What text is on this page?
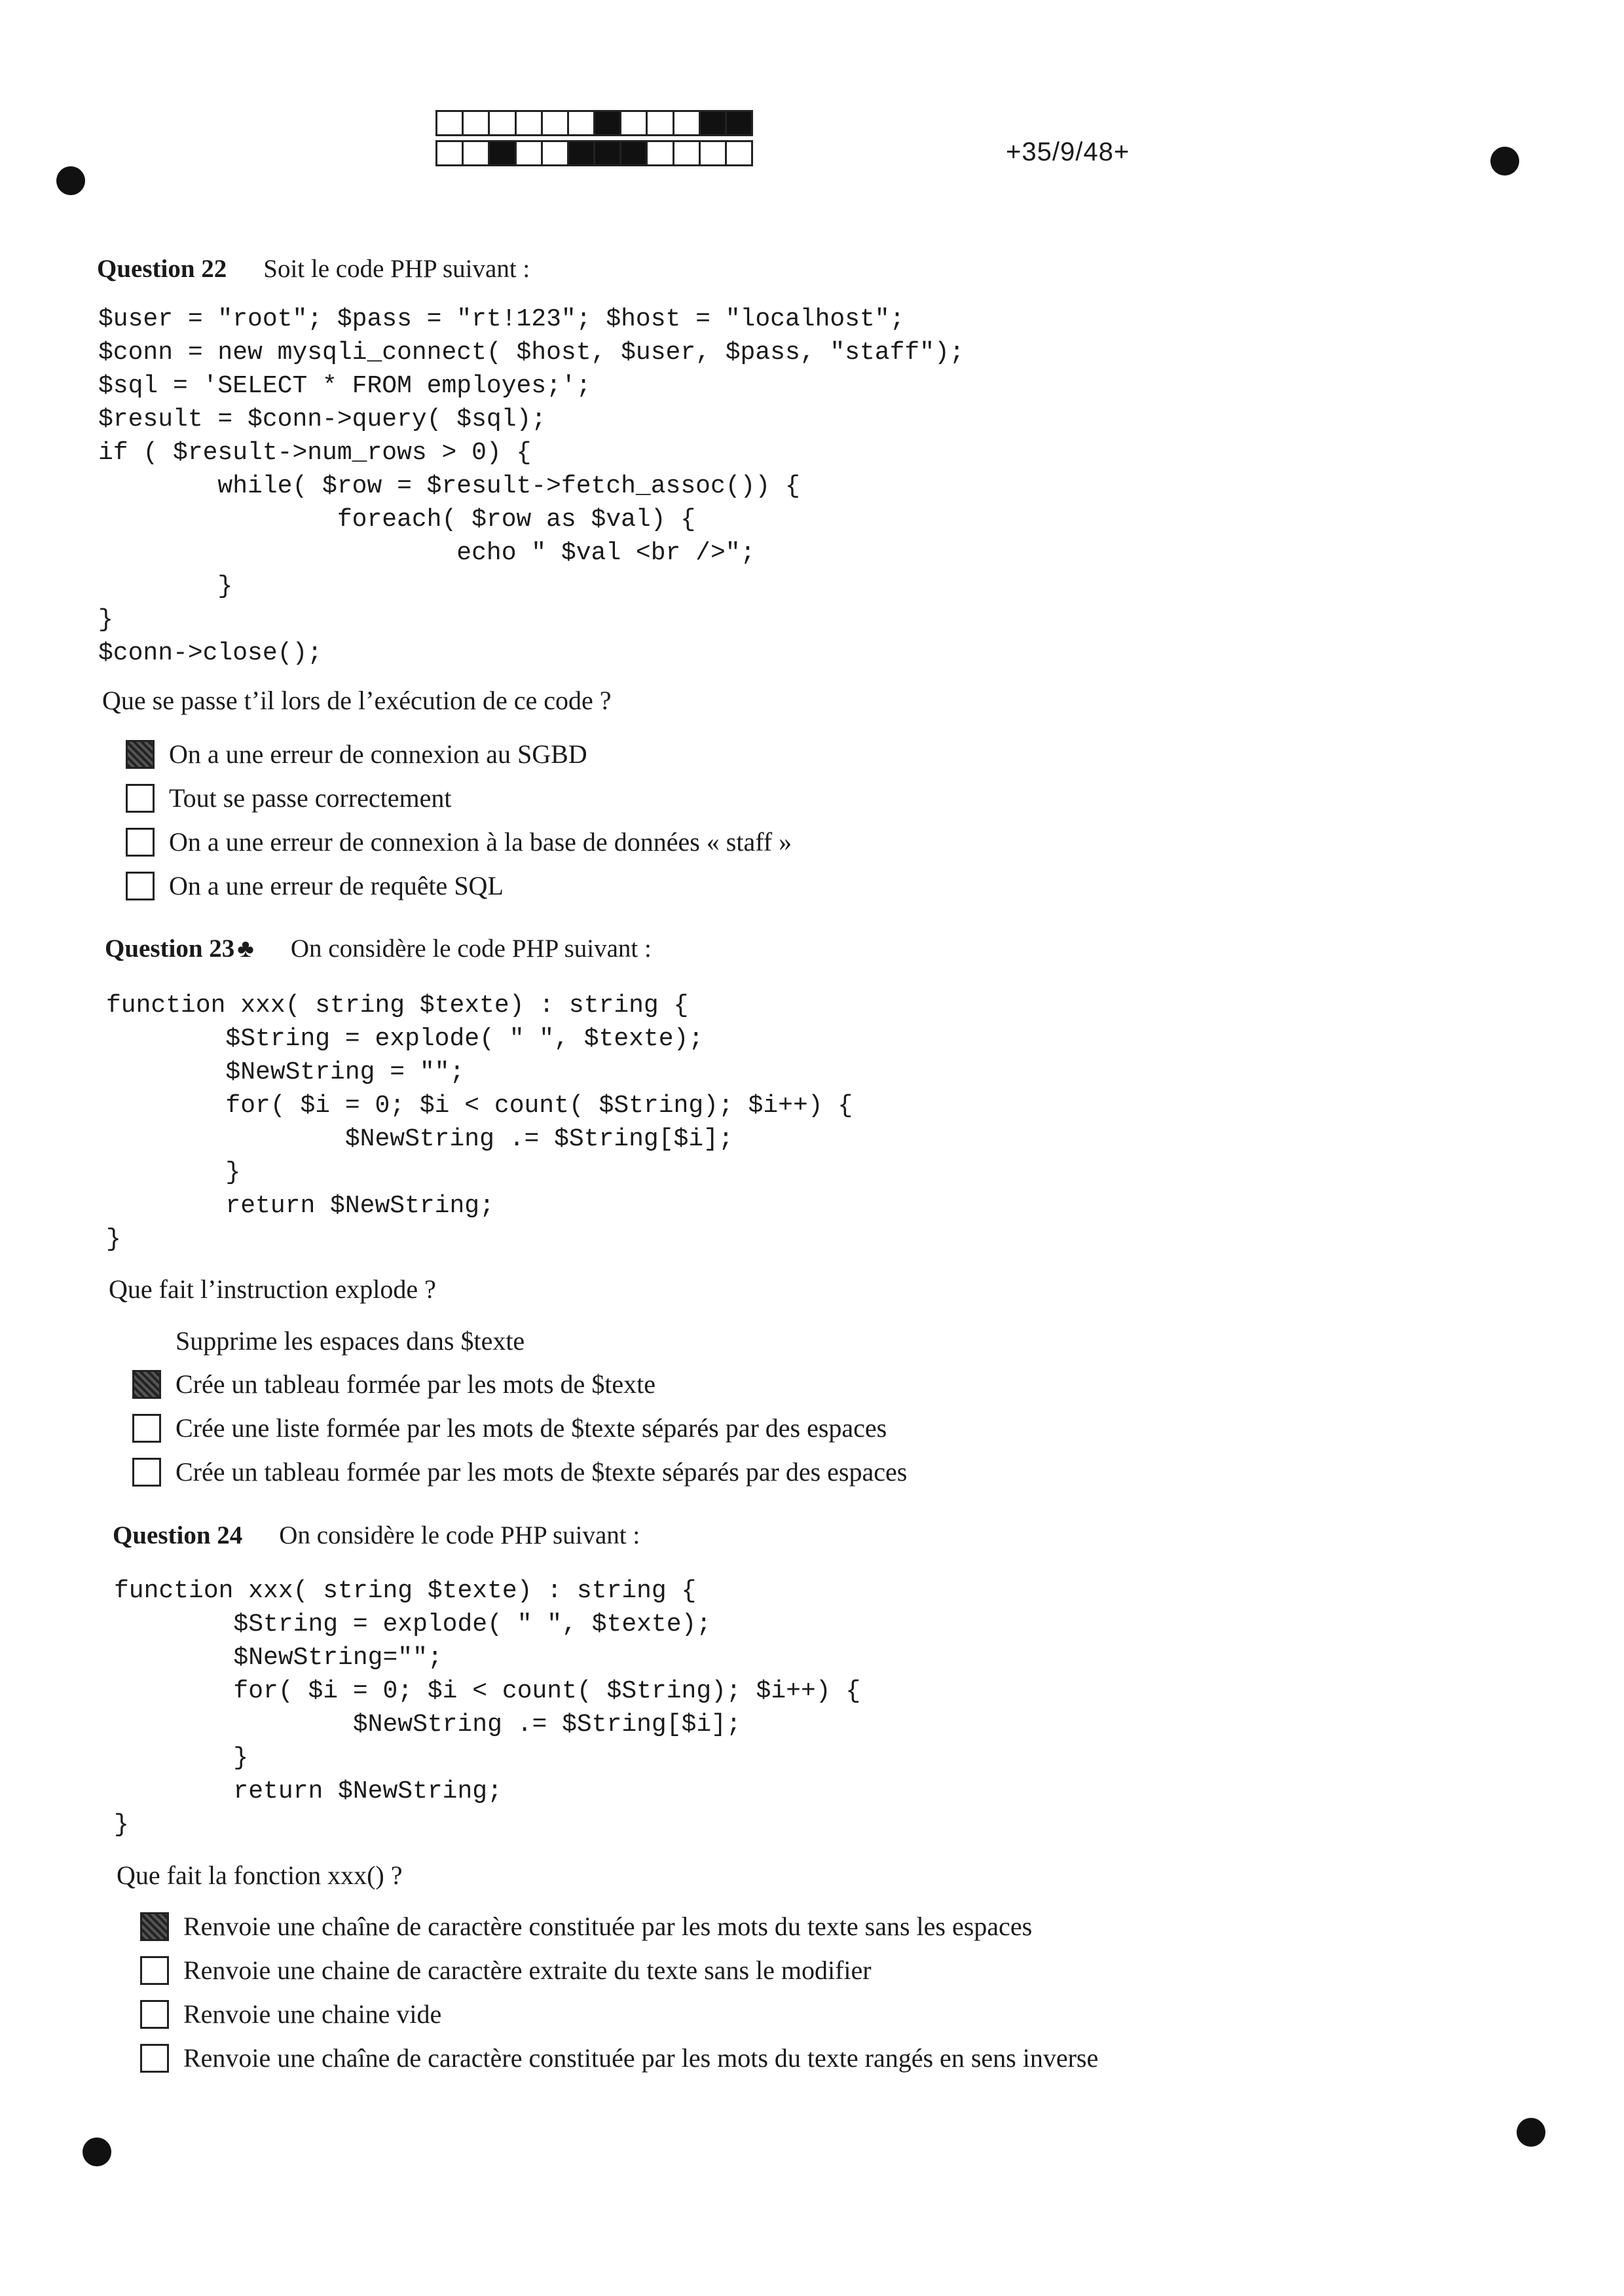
+35/9/48+
Question 22 Soit le code PHP suivant :
$user = "root"; $pass = "rt!123"; $host = "localhost";
$conn = new mysqli_connect( $host, $user, $pass, "staff");
$sql = 'SELECT * FROM employes;';
$result = $conn->query( $sql);
if ( $result->num_rows > 0) {
while( $row = $result->fetch_assoc()) {
foreach( $row as $val) {
echo " $val <br />";
}
}
$conn->close();
Que se passe t’il lors de l’exécution de ce code ?
On a une erreur de connexion au SGBD
Tout se passe correctement
On a une erreur de connexion à la base de données « staff »
On a une erreur de requête SQL
Question 23 ♣ On considère le code PHP suivant :
function xxx( string $texte) : string {
$String = explode( " ", $texte);
$NewString = "";
for( $i = 0; $i < count( $String); $i++) {
$NewString .= $String[$i];
}
return $NewString;
}
Que fait l’instruction explode ?
Supprime les espaces dans $texte
Crée un tableau formée par les mots de $texte
Crée une liste formée par les mots de $texte séparés par des espaces
Crée un tableau formée par les mots de $texte séparés par des espaces
Question 24 On considère le code PHP suivant :
function xxx( string $texte) : string {
$String = explode( " ", $texte);
$NewString="";
for( $i = 0; $i < count( $String); $i++) {
$NewString .= $String[$i];
}
return $NewString;
}
Que fait la fonction xxx() ?
Renvoie une chaîne de caractère constituée par les mots du texte sans les espaces
Renvoie une chaine de caractère extraite du texte sans le modifier
Renvoie une chaine vide
Renvoie une chaîne de caractère constituée par les mots du texte rangés en sens inverse
